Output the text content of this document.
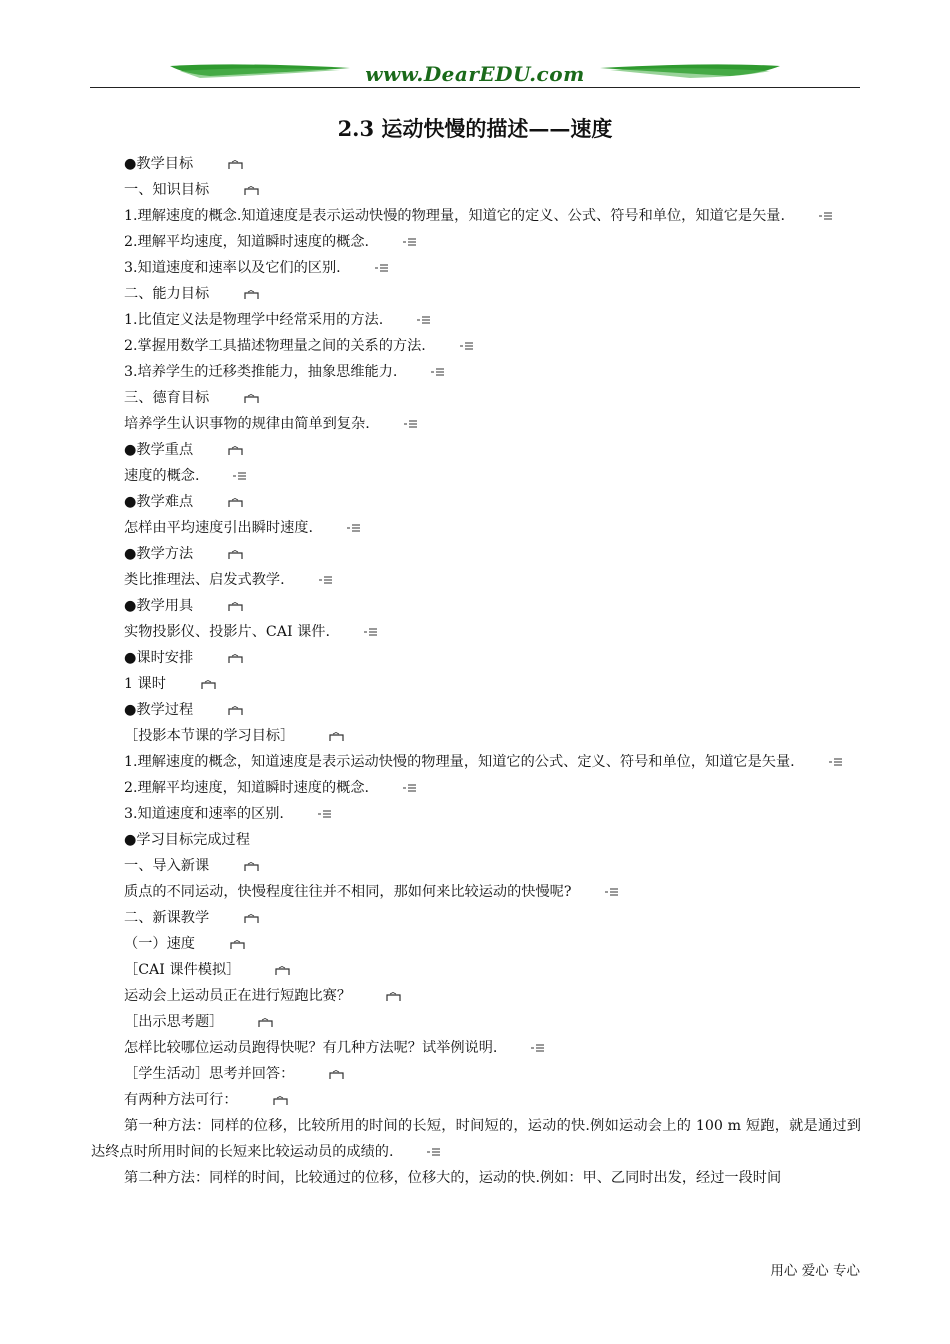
www.DearEDU.com
2.3 运动快慢的描述——速度
●教学目标
一、知识目标
1.理解速度的概念.知道速度是表示运动快慢的物理量，知道它的定义、公式、符号和单位，知道它是矢量.
2.理解平均速度，知道瞬时速度的概念.
3.知道速度和速率以及它们的区别.
二、能力目标
1.比值定义法是物理学中经常采用的方法.
2.掌握用数学工具描述物理量之间的关系的方法.
3.培养学生的迁移类推能力，抽象思维能力.
三、德育目标
培养学生认识事物的规律由简单到复杂.
●教学重点
速度的概念.
●教学难点
怎样由平均速度引出瞬时速度.
●教学方法
类比推理法、启发式教学.
●教学用具
实物投影仪、投影片、CAI 课件.
●课时安排
1 课时
●教学过程
［投影本节课的学习目标］
1.理解速度的概念，知道速度是表示运动快慢的物理量，知道它的公式、定义、符号和单位，知道它是矢量.
2.理解平均速度，知道瞬时速度的概念.
3.知道速度和速率的区别.
●学习目标完成过程
一、导入新课
质点的不同运动，快慢程度往往并不相同，那如何来比较运动的快慢呢?
二、新课教学
（一）速度
［CAI 课件模拟］
运动会上运动员正在进行短跑比赛？
［出示思考题］
怎样比较哪位运动员跑得快呢？有几种方法呢？试举例说明.
［学生活动］思考并回答：
有两种方法可行：
第一种方法：同样的位移，比较所用的时间的长短，时间短的，运动的快.例如运动会上的 100 m 短跑，就是通过到达终点时所用时间的长短来比较运动员的成绩的.
第二种方法：同样的时间，比较通过的位移，位移大的，运动的快.例如：甲、乙同时出发，经过一段时间
用心 爱心 专心
